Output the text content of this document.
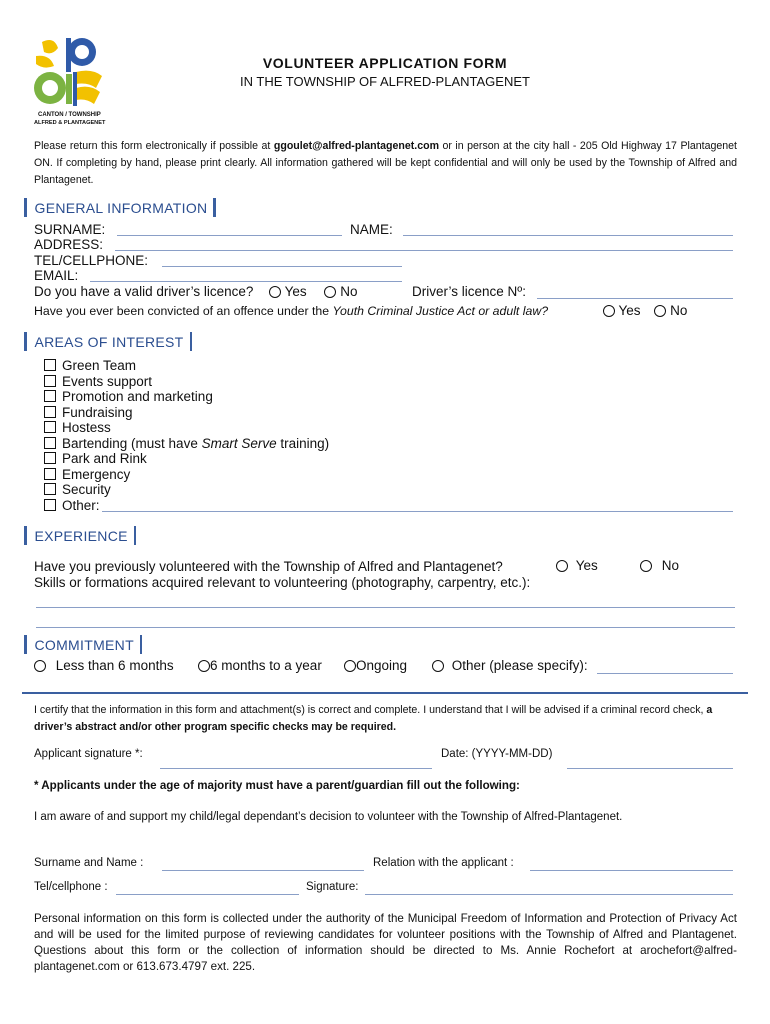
CANTON / TOWNSHIP
ALFRED & PLANTAGENET
VOLUNTEER APPLICATION FORM
IN THE TOWNSHIP OF ALFRED-PLANTAGENET
Please return this form electronically if possible at ggoulet@alfred-plantagenet.com or in person at the city hall - 205 Old Highway 17 Plantagenet ON. If completing by hand, please print clearly. All information gathered will be kept confidential and will only be used by the Township of Alfred and Plantagenet.
GENERAL INFORMATION
SURNAME:	NAME:
ADDRESS:
TEL/CELLPHONE:
EMAIL:
Do you have a valid driver’s licence? Yes No	Driver’s licence Nº:
Have you ever been convicted of an offence under the Youth Criminal Justice Act or adult law?	Yes No
AREAS OF INTEREST
Green Team
Events support
Promotion and marketing
Fundraising
Hostess
Bartending (must have Smart Serve training)
Park and Rink
Emergency
Security
Other:
EXPERIENCE
Have you previously volunteered with the Township of Alfred and Plantagenet?	Yes	No
Skills or formations acquired relevant to volunteering (photography, carpentry, etc.):
COMMITMENT
Less than 6 months	6 months to a year	Ongoing	Other (please specify):
I certify that the information in this form and attachment(s) is correct and complete. I understand that I will be advised if a criminal record check, a driver’s abstract and/or other program specific checks may be required.
Applicant signature *:	Date: (YYYY-MM-DD)
* Applicants under the age of majority must have a parent/guardian fill out the following:
I am aware of and support my child/legal dependant’s decision to volunteer with the Township of Alfred-Plantagenet.
Surname and Name :	Relation with the applicant :
Tel/cellphone :	Signature:
Personal information on this form is collected under the authority of the Municipal Freedom of Information and Protection of Privacy Act and will be used for the limited purpose of reviewing candidates for volunteer positions with the Township of Alfred and Plantagenet. Questions about this form or the collection of information should be directed to Ms. Annie Rochefort at arochefort@alfred-plantagenet.com or 613.673.4797 ext. 225.
